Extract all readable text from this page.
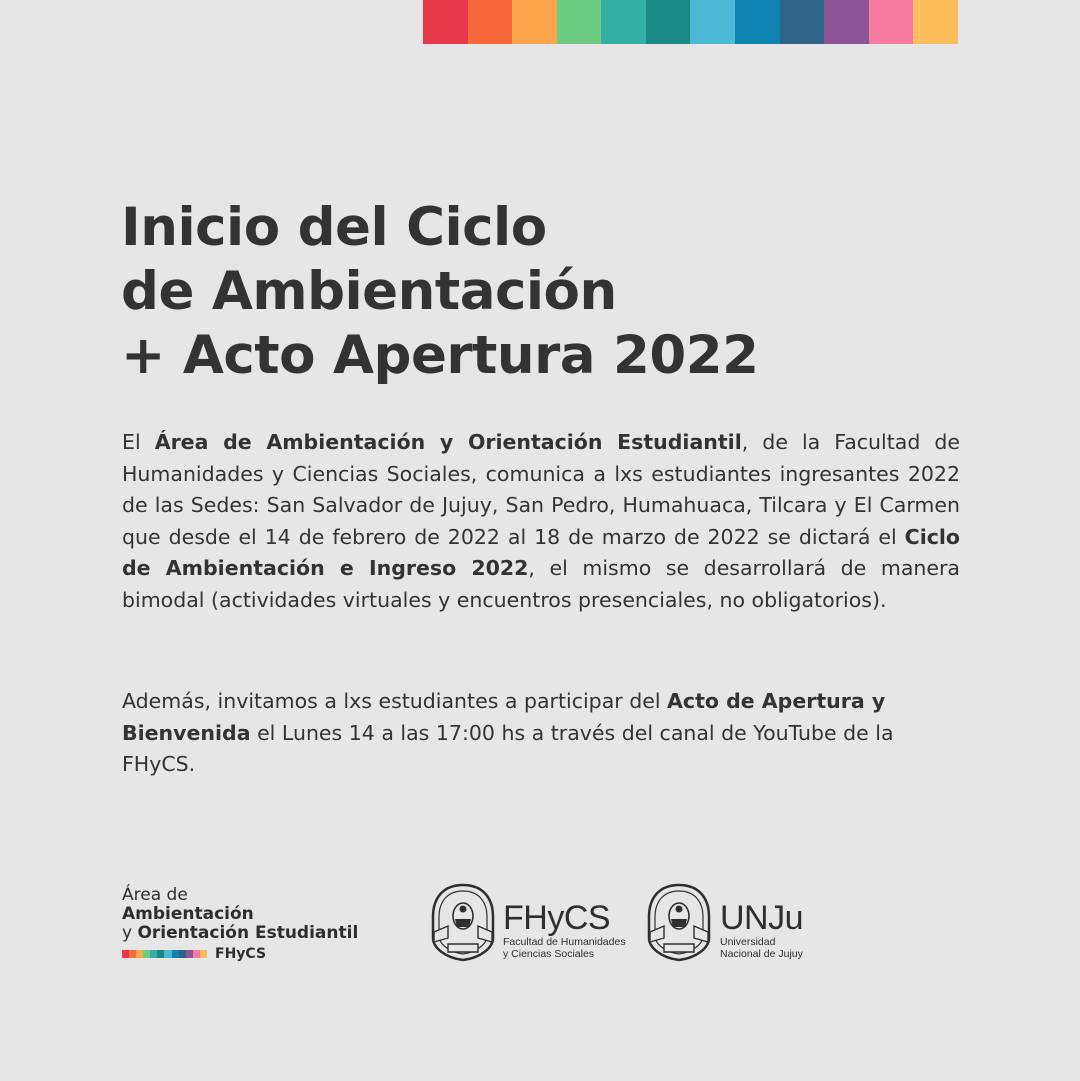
Inicio del Ciclo
de Ambientación
+ Acto Apertura 2022

El Área de Ambientación y Orientación Estudiantil, de la Facultad de Humanidades y Ciencias Sociales, comunica a lxs estudiantes ingresantes 2022 de las Sedes: San Salvador de Jujuy, San Pedro, Humahuaca, Tilcara y El Carmen que desde el 14 de febrero de 2022 al 18 de marzo de 2022 se dictará el Ciclo de Ambientación e Ingreso 2022, el mismo se desarrollará de manera bimodal (actividades virtuales y encuentros presenciales, no obligatorios).

Además, invitamos a lxs estudiantes a participar del Acto de Apertura y Bienvenida el Lunes 14 a las 17:00 hs a través del canal de YouTube de la FHyCS.

Área de
Ambientación
y Orientación Estudiantil
FHyCS
FHyCS
Facultad de Humanidades
y Ciencias Sociales
UNJu
Universidad
Nacional de Jujuy
